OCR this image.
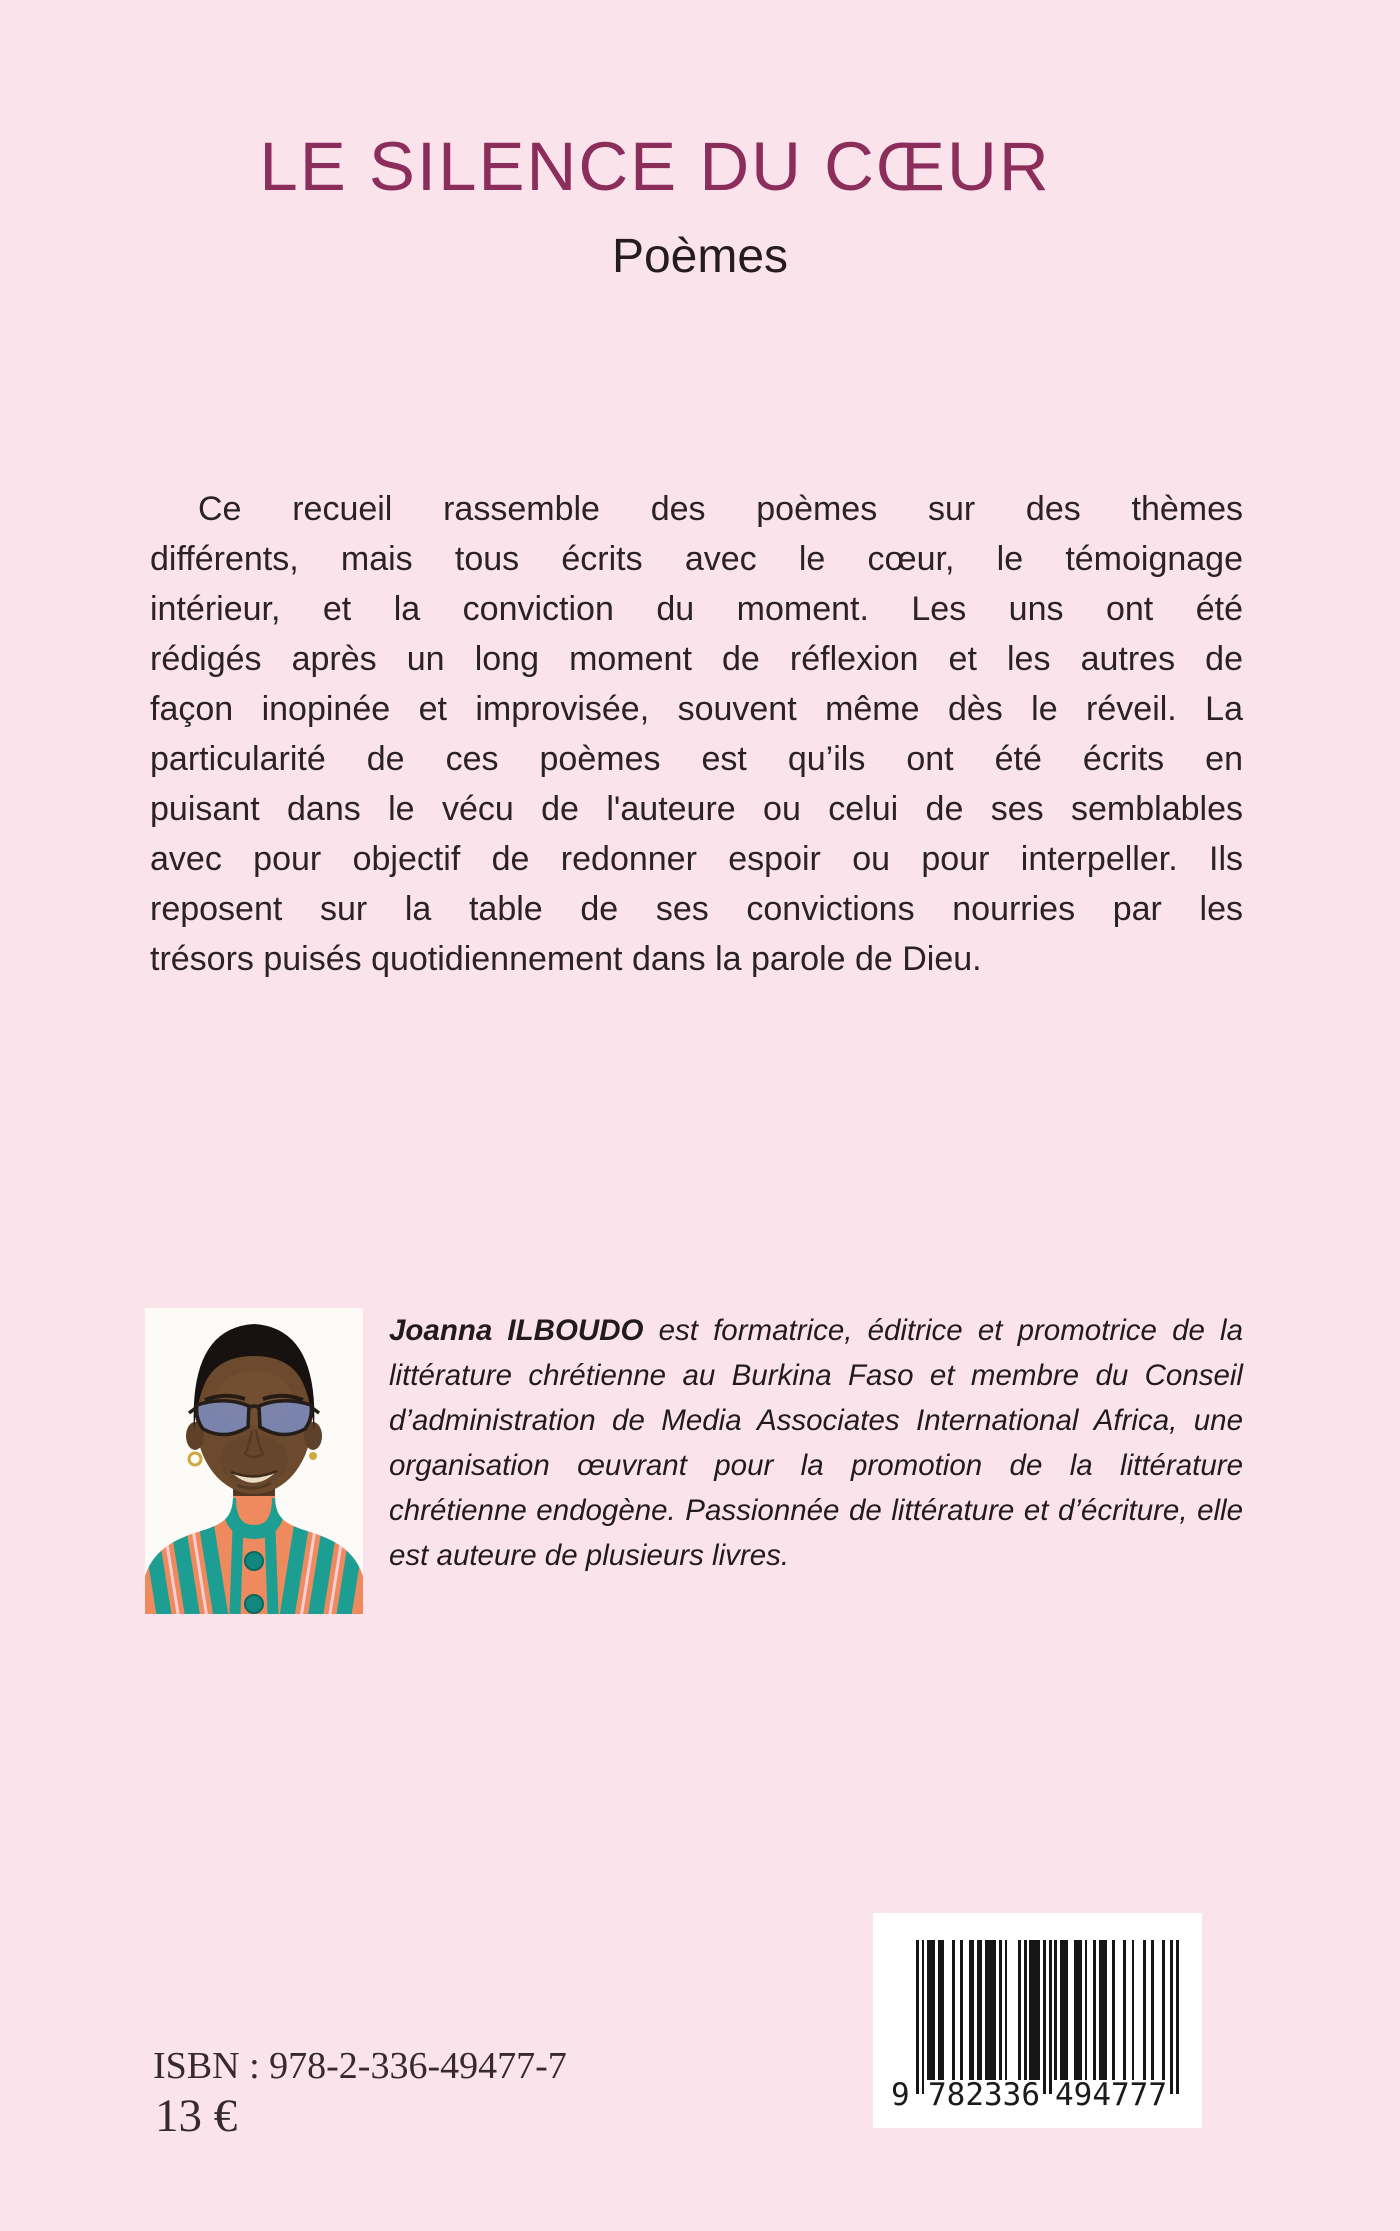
LE SILENCE DU CŒUR
Poèmes
Ce recueil rassemble des poèmes sur des thèmes
différents, mais tous écrits avec le cœur, le témoignage
intérieur, et la conviction du moment. Les uns ont été
rédigés après un long moment de réflexion et les autres de
façon inopinée et improvisée, souvent même dès le réveil. La
particularité de ces poèmes est qu’ils ont été écrits en
puisant dans le vécu de l'auteure ou celui de ses semblables
avec pour objectif de redonner espoir ou pour interpeller. Ils
reposent sur la table de ses convictions nourries par les
trésors puisés quotidiennement dans la parole de Dieu.

Joanna ILBOUDO est formatrice, éditrice et promotrice de la littérature chrétienne au Burkina Faso et membre du Conseil d’administration de Media Associates International Africa, une organisation œuvrant pour la promotion de la littérature chrétienne endogène. Passionnée de littérature et d’écriture, elle est auteure de plusieurs livres.

9 782336 494777
ISBN : 978-2-336-49477-7
13 €
